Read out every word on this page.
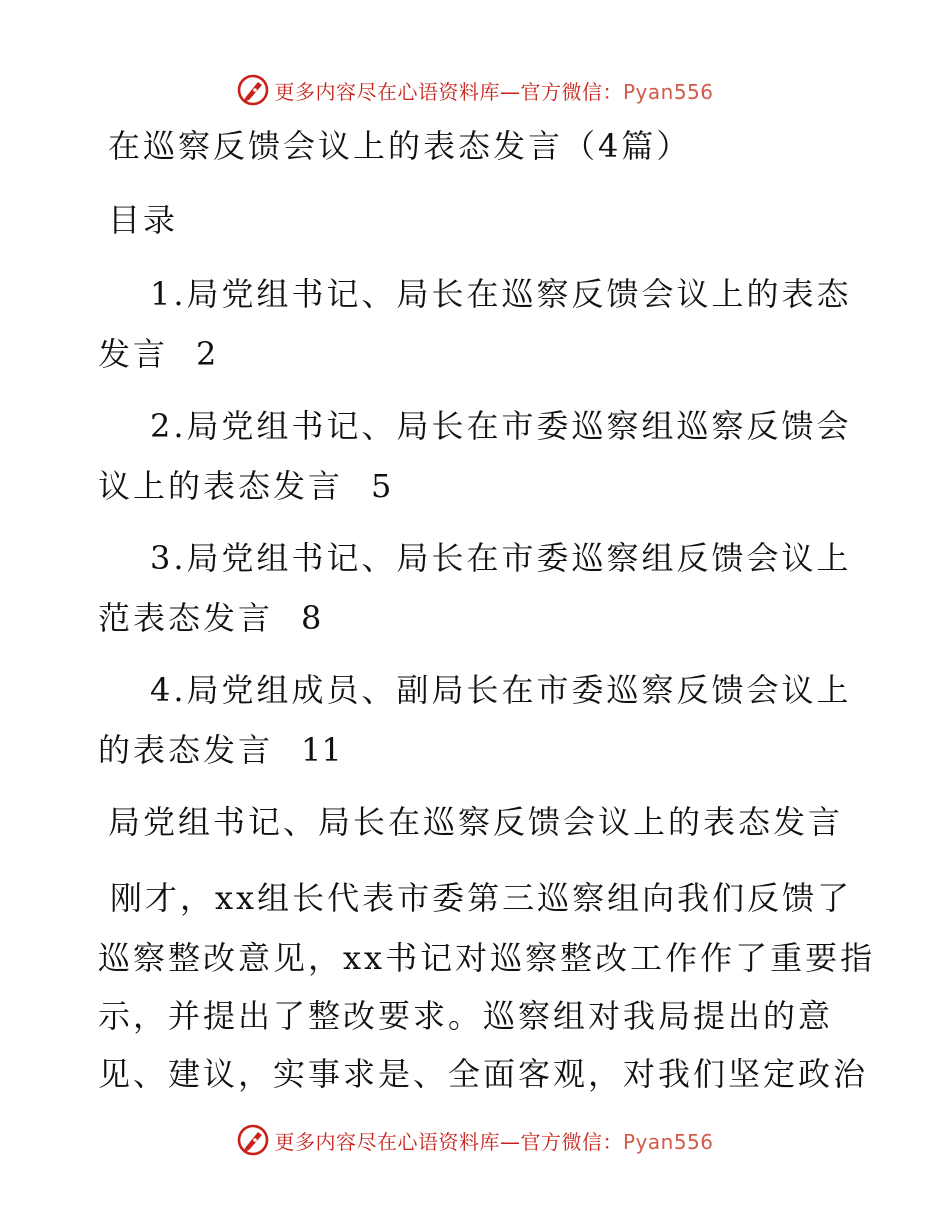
更多内容尽在心语资料库—官方微信：Pyan556
在巡察反馈会议上的表态发言（4篇）
目录
1.局党组书记、局长在巡察反馈会议上的表态
发言 2
2.局党组书记、局长在市委巡察组巡察反馈会
议上的表态发言 5
3.局党组书记、局长在市委巡察组反馈会议上
范表态发言 8
4.局党组成员、副局长在市委巡察反馈会议上
的表态发言 11
局党组书记、局长在巡察反馈会议上的表态发言
刚才，xx组长代表市委第三巡察组向我们反馈了
巡察整改意见，xx书记对巡察整改工作作了重要指
示，并提出了整改要求。巡察组对我局提出的意
见、建议，实事求是、全面客观，对我们坚定政治
更多内容尽在心语资料库—官方微信：Pyan556
